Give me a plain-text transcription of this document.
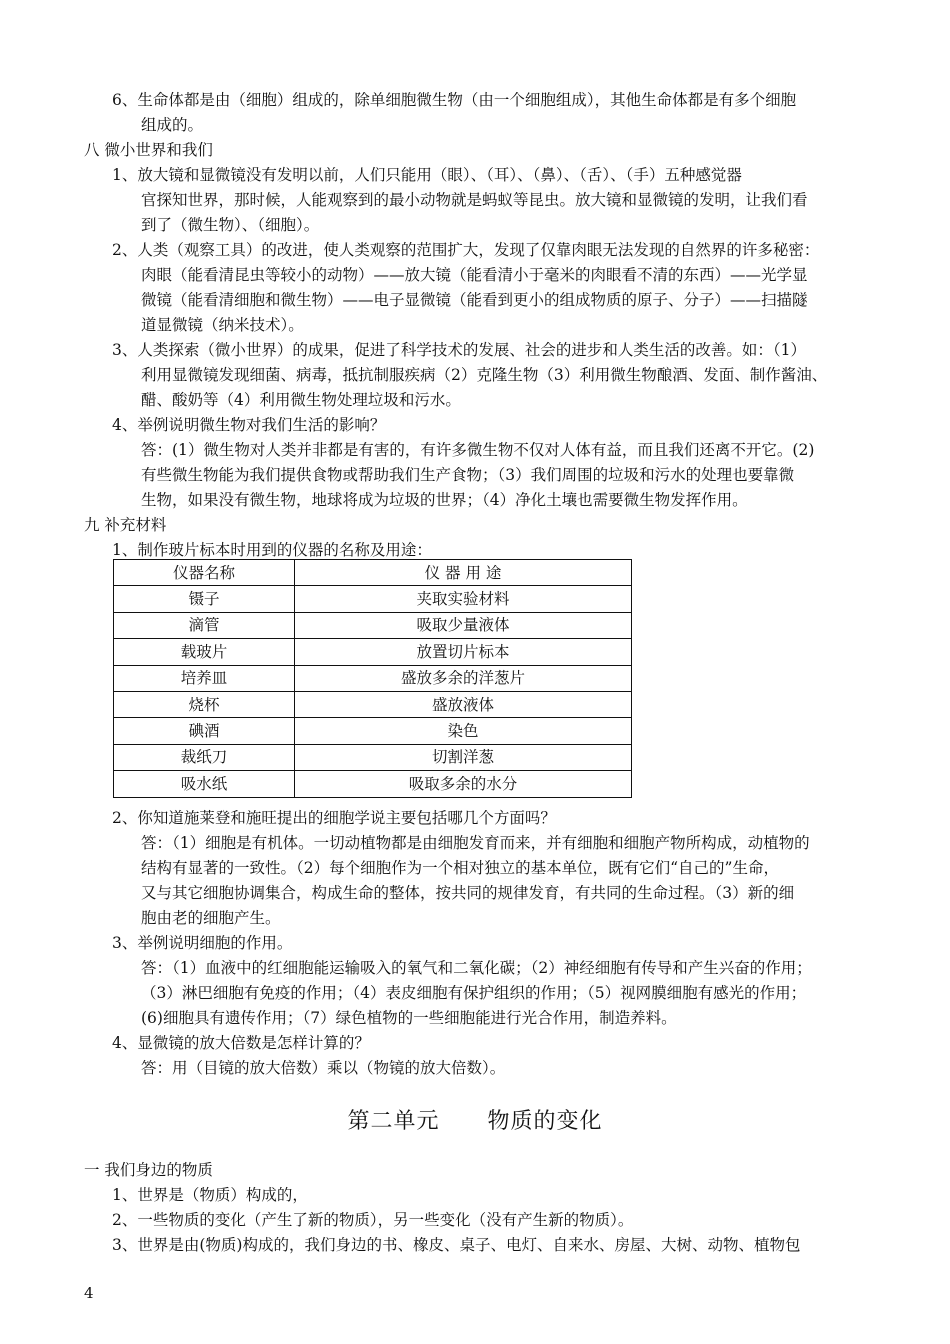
6、生命体都是由（细胞）组成的，除单细胞微生物（由一个细胞组成），其他生命体都是有多个细胞
组成的。
八 微小世界和我们
1、放大镜和显微镜没有发明以前，人们只能用（眼）、（耳）、（鼻）、（舌）、（手）五种感觉器
官探知世界，那时候，人能观察到的最小动物就是蚂蚁等昆虫。放大镜和显微镜的发明，让我们看
到了（微生物）、（细胞）。
2、人类（观察工具）的改进，使人类观察的范围扩大，发现了仅靠肉眼无法发现的自然界的许多秘密：
肉眼（能看清昆虫等较小的动物）——放大镜（能看清小于毫米的肉眼看不清的东西）——光学显
微镜（能看清细胞和微生物）——电子显微镜（能看到更小的组成物质的原子、分子）——扫描隧
道显微镜（纳米技术）。
3、人类探索（微小世界）的成果，促进了科学技术的发展、社会的进步和人类生活的改善。如：（1）
利用显微镜发现细菌、病毒，抵抗制服疾病（2）克隆生物（3）利用微生物酿酒、发面、制作酱油、
醋、酸奶等（4）利用微生物处理垃圾和污水。
4、举例说明微生物对我们生活的影响？
答：(1）微生物对人类并非都是有害的，有许多微生物不仅对人体有益，而且我们还离不开它。(2)
有些微生物能为我们提供食物或帮助我们生产食物；（3）我们周围的垃圾和污水的处理也要靠微
生物，如果没有微生物，地球将成为垃圾的世界；（4）净化土壤也需要微生物发挥作用。
九 补充材料
1、制作玻片标本时用到的仪器的名称及用途：
仪器名称	仪 器 用 途
镊子	夹取实验材料
滴管	吸取少量液体
载玻片	放置切片标本
培养皿	盛放多余的洋葱片
烧杯	盛放液体
碘酒	染色
裁纸刀	切割洋葱
吸水纸	吸取多余的水分
2、你知道施莱登和施旺提出的细胞学说主要包括哪几个方面吗？
答：（1）细胞是有机体。一切动植物都是由细胞发育而来，并有细胞和细胞产物所构成，动植物的
结构有显著的一致性。（2）每个细胞作为一个相对独立的基本单位，既有它们“自己的”生命，
又与其它细胞协调集合，构成生命的整体，按共同的规律发育，有共同的生命过程。（3）新的细
胞由老的细胞产生。
3、举例说明细胞的作用。
答：（1）血液中的红细胞能运输吸入的氧气和二氧化碳；（2）神经细胞有传导和产生兴奋的作用；
（3）淋巴细胞有免疫的作用；（4）表皮细胞有保护组织的作用；（5）视网膜细胞有感光的作用；
(6)细胞具有遗传作用；（7）绿色植物的一些细胞能进行光合作用，制造养料。
4、显微镜的放大倍数是怎样计算的？
答：用（目镜的放大倍数）乘以（物镜的放大倍数）。
第二单元 物质的变化
一 我们身边的物质
1、世界是（物质）构成的，
2、一些物质的变化（产生了新的物质），另一些变化（没有产生新的物质）。
3、世界是由(物质)构成的，我们身边的书、橡皮、桌子、电灯、自来水、房屋、大树、动物、植物包
4
